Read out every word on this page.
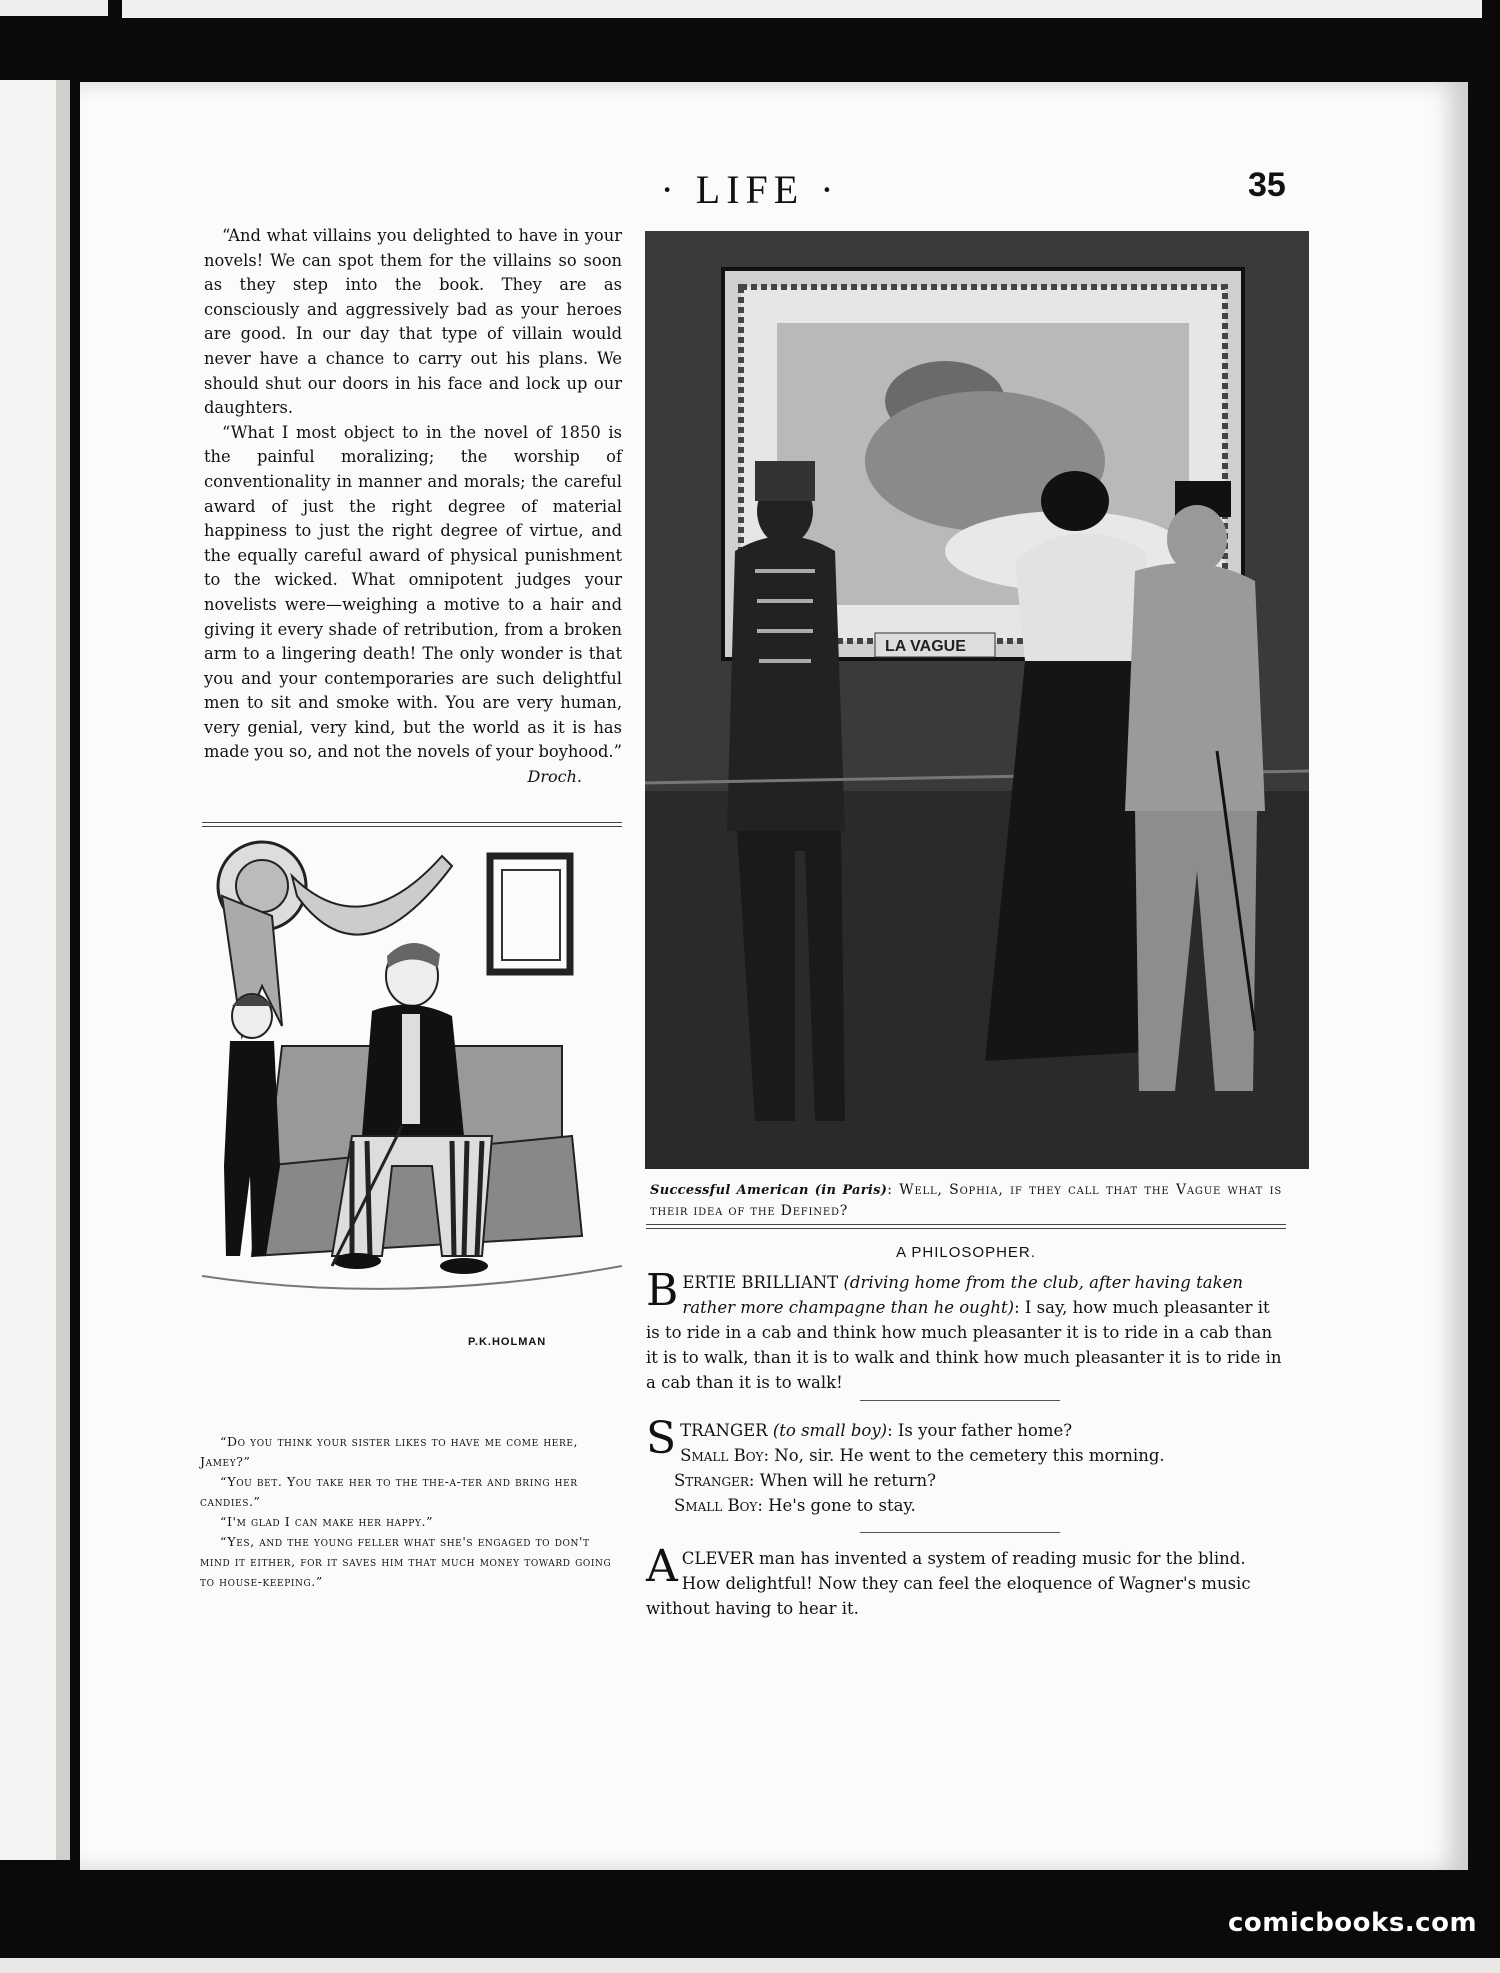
· LIFE ·	35

“And what villains you delighted to have in your novels! We can spot them for the villains so soon as they step into the book. They are as consciously and aggressively bad as your heroes are good. In our day that type of villain would never have a chance to carry out his plans. We should shut our doors in his face and lock up our daughters.

“What I most object to in the novel of 1850 is the painful moralizing; the worship of conventionality in manner and morals; the careful award of just the right degree of material happiness to just the right degree of virtue, and the equally careful award of physical punishment to the wicked. What omnipotent judges your novelists were—weighing a motive to a hair and giving it every shade of retribution, from a broken arm to a lingering death! The only wonder is that you and your contemporaries are such delightful men to sit and smoke with. You are very human, very genial, very kind, but the world as it is has made you so, and not the novels of your boyhood.”

Droch.
P.K.HOLMAN

“Do you think your sister likes to have me come here, Jamey?”

“You bet. You take her to the the-a-ter and bring her candies.”

“I'm glad I can make her happy.”

“Yes, and the young feller what she's engaged to don't mind it either, for it saves him that much money toward going to house-keeping.”

LA VAGUE
Successful American (in Paris): Well, Sophia, if they call that the Vague what is their idea of the Defined?
A PHILOSOPHER.

BERTIE BRILLIANT (driving home from the club, after having taken rather more champagne than he ought): I say, how much pleasanter it is to ride in a cab and think how much pleasanter it is to ride in a cab than it is to walk, than it is to walk and think how much pleasanter it is to ride in a cab than it is to walk!

STRANGER (to small boy): Is your father home?

Small Boy: No, sir. He went to the cemetery this morning.

Stranger: When will he return?

Small Boy: He's gone to stay.

ACLEVER man has invented a system of reading music for the blind. How delightful! Now they can feel the eloquence of Wagner's music without having to hear it.

comicbooks.com
